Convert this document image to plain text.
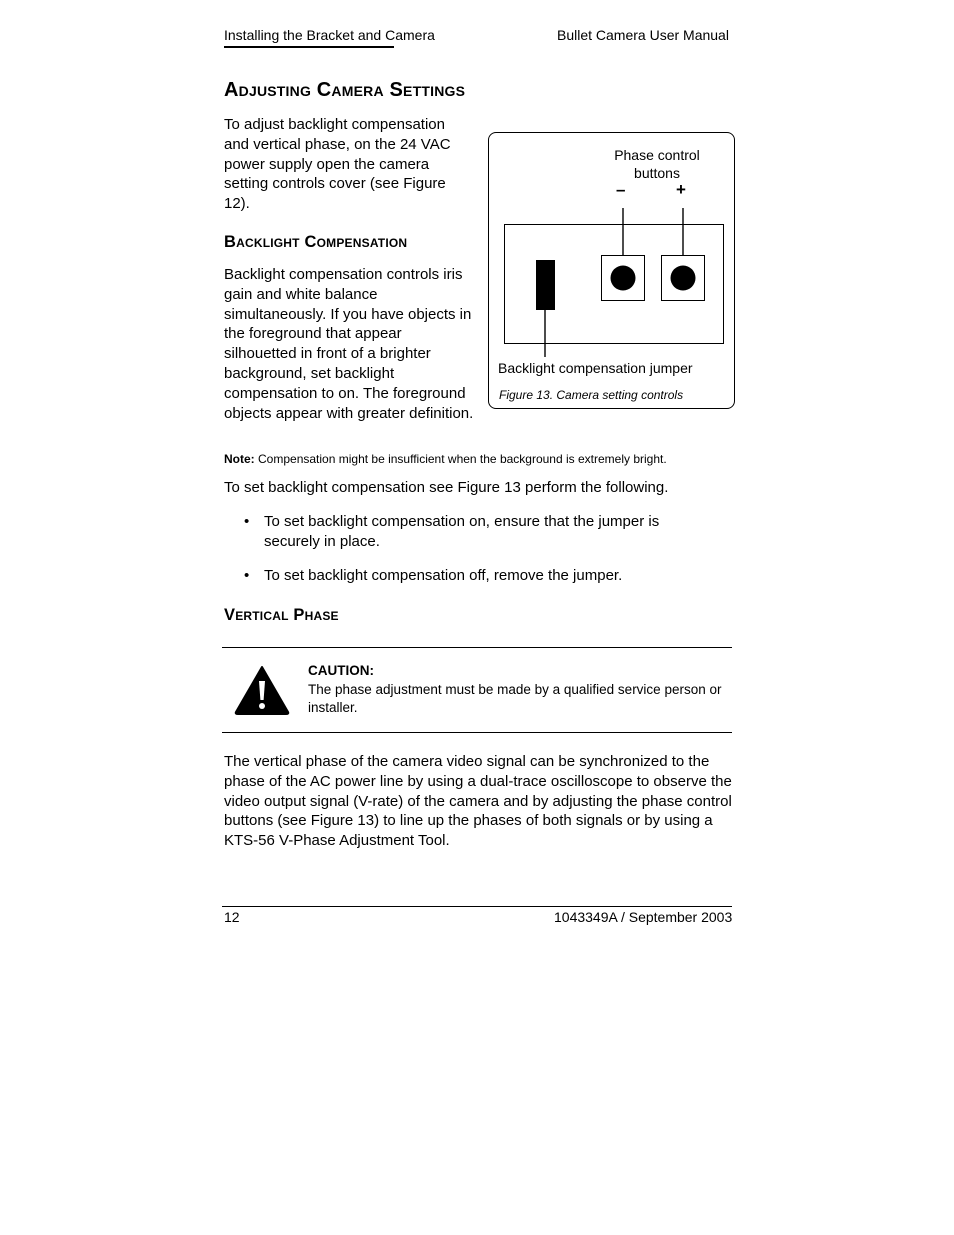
Installing the Bracket and Camera	Bullet Camera User Manual
Adjusting Camera Settings
To adjust backlight compensation and vertical phase, on the 24 VAC power supply open the camera setting controls cover (see Figure 12).
Phase control
buttons
–	+
Backlight compensation jumper
Figure 13. Camera setting controls
Backlight Compensation
Backlight compensation controls iris gain and white balance simultaneously. If you have objects in the foreground that appear silhouetted in front of a brighter background, set backlight compensation to on. The foreground objects appear with greater definition.
Note: Compensation might be insufficient when the background is extremely bright.
To set backlight compensation see Figure 13 perform the following.
• To set backlight compensation on, ensure that the jumper is securely in place.
• To set backlight compensation off, remove the jumper.
Vertical Phase
CAUTION:
The phase adjustment must be made by a qualified service person or installer.
The vertical phase of the camera video signal can be synchronized to the phase of the AC power line by using a dual-trace oscilloscope to observe the video output signal (V-rate) of the camera and by adjusting the phase control buttons (see Figure 13) to line up the phases of both signals or by using a KTS-56 V-Phase Adjustment Tool.
12	1043349A / September 2003
